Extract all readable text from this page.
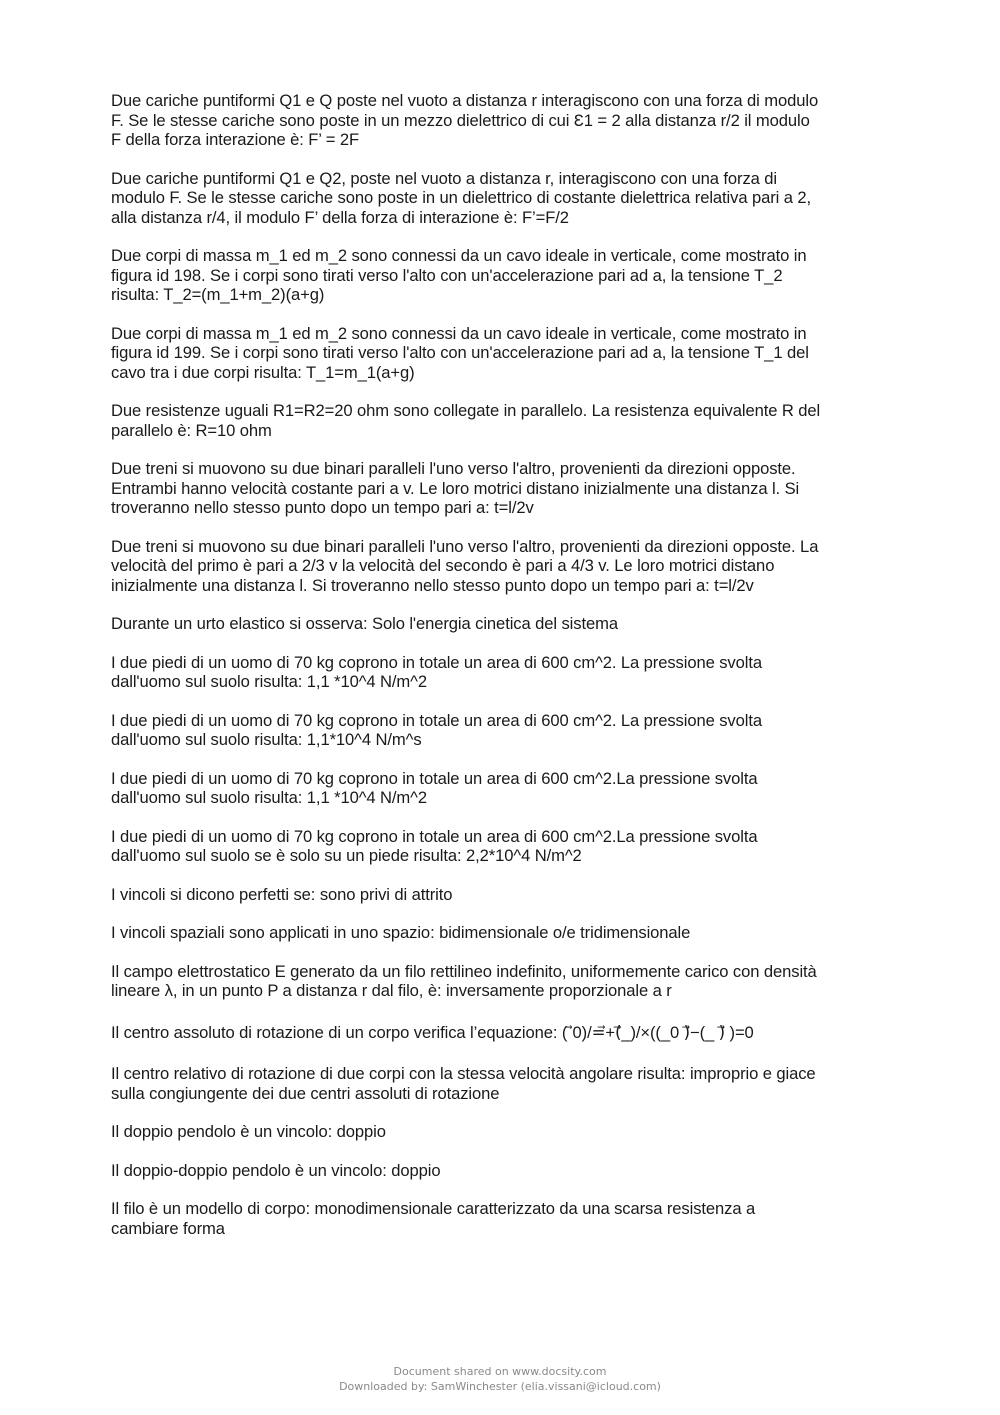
Due cariche puntiformi Q1 e Q poste nel vuoto a distanza r interagiscono con una forza di modulo
F. Se le stesse cariche sono poste in un mezzo dielettrico di cui Ɛ1 = 2 alla distanza r/2 il modulo
F della forza interazione è: F’ = 2F

Due cariche puntiformi Q1 e Q2, poste nel vuoto a distanza r, interagiscono con una forza di
modulo F. Se le stesse cariche sono poste in un dielettrico di costante dielettrica relativa pari a 2,
alla distanza r/4, il modulo F’ della forza di interazione è: F’=F/2

Due corpi di massa m_1 ed m_2 sono connessi da un cavo ideale in verticale, come mostrato in
figura id 198. Se i corpi sono tirati verso l'alto con un'accelerazione pari ad a, la tensione T_2
risulta: T_2=(m_1+m_2)(a+g)

Due corpi di massa m_1 ed m_2 sono connessi da un cavo ideale in verticale, come mostrato in
figura id 199. Se i corpi sono tirati verso l'alto con un'accelerazione pari ad a, la tensione T_1 del
cavo tra i due corpi risulta: T_1=m_1(a+g)

Due resistenze uguali R1=R2=20 ohm sono collegate in parallelo. La resistenza equivalente R del
parallelo è: R=10 ohm

Due treni si muovono su due binari paralleli l'uno verso l'altro, provenienti da direzioni opposte.
Entrambi hanno velocità costante pari a v. Le loro motrici distano inizialmente una distanza l. Si
troveranno nello stesso punto dopo un tempo pari a: t=l/2v

Due treni si muovono su due binari paralleli l'uno verso l'altro, provenienti da direzioni opposte. La
velocità del primo è pari a 2/3 v la velocità del secondo è pari a 4/3 v. Le loro motrici distano
inizialmente una distanza l. Si troveranno nello stesso punto dopo un tempo pari a: t=l/2v

Durante un urto elastico si osserva: Solo l'energia cinetica del sistema

I due piedi di un uomo di 70 kg coprono in totale un area di 600 cm^2. La pressione svolta
dall'uomo sul suolo risulta: 1,1 *10^4 N/m^2

I due piedi di un uomo di 70 kg coprono in totale un area di 600 cm^2. La pressione svolta
dall'uomo sul suolo risulta: 1,1*10^4 N/m^s

I due piedi di un uomo di 70 kg coprono in totale un area di 600 cm^2.La pressione svolta
dall'uomo sul suolo risulta: 1,1 *10^4 N/m^2

I due piedi di un uomo di 70 kg coprono in totale un area di 600 cm^2.La pressione svolta
dall'uomo sul suolo se è solo su un piede risulta: 2,2*10^4 N/m^2

I vincoli si dicono perfetti se: sono privi di attrito

I vincoli spaziali sono applicati in uno spazio: bidimensionale o/e tridimensionale

Il campo elettrostatico E generato da un filo rettilineo indefinito, uniformemente carico con densità
lineare λ, in un punto P a distanza r dal filo, è: inversamente proporzionale a r

Il centro assoluto di rotazione di un corpo verifica l’equazione: ( ⃗0)/=⃗+(⃗_)/×((_0 )⃗−(_ )⃗ )=0

Il centro relativo di rotazione di due corpi con la stessa velocità angolare risulta: improprio e giace
sulla congiungente dei due centri assoluti di rotazione

Il doppio pendolo è un vincolo: doppio

Il doppio-doppio pendolo è un vincolo: doppio

Il filo è un modello di corpo: monodimensionale caratterizzato da una scarsa resistenza a
cambiare forma

Document shared on www.docsity.com
Downloaded by: SamWinchester (elia.vissani@icloud.com)
